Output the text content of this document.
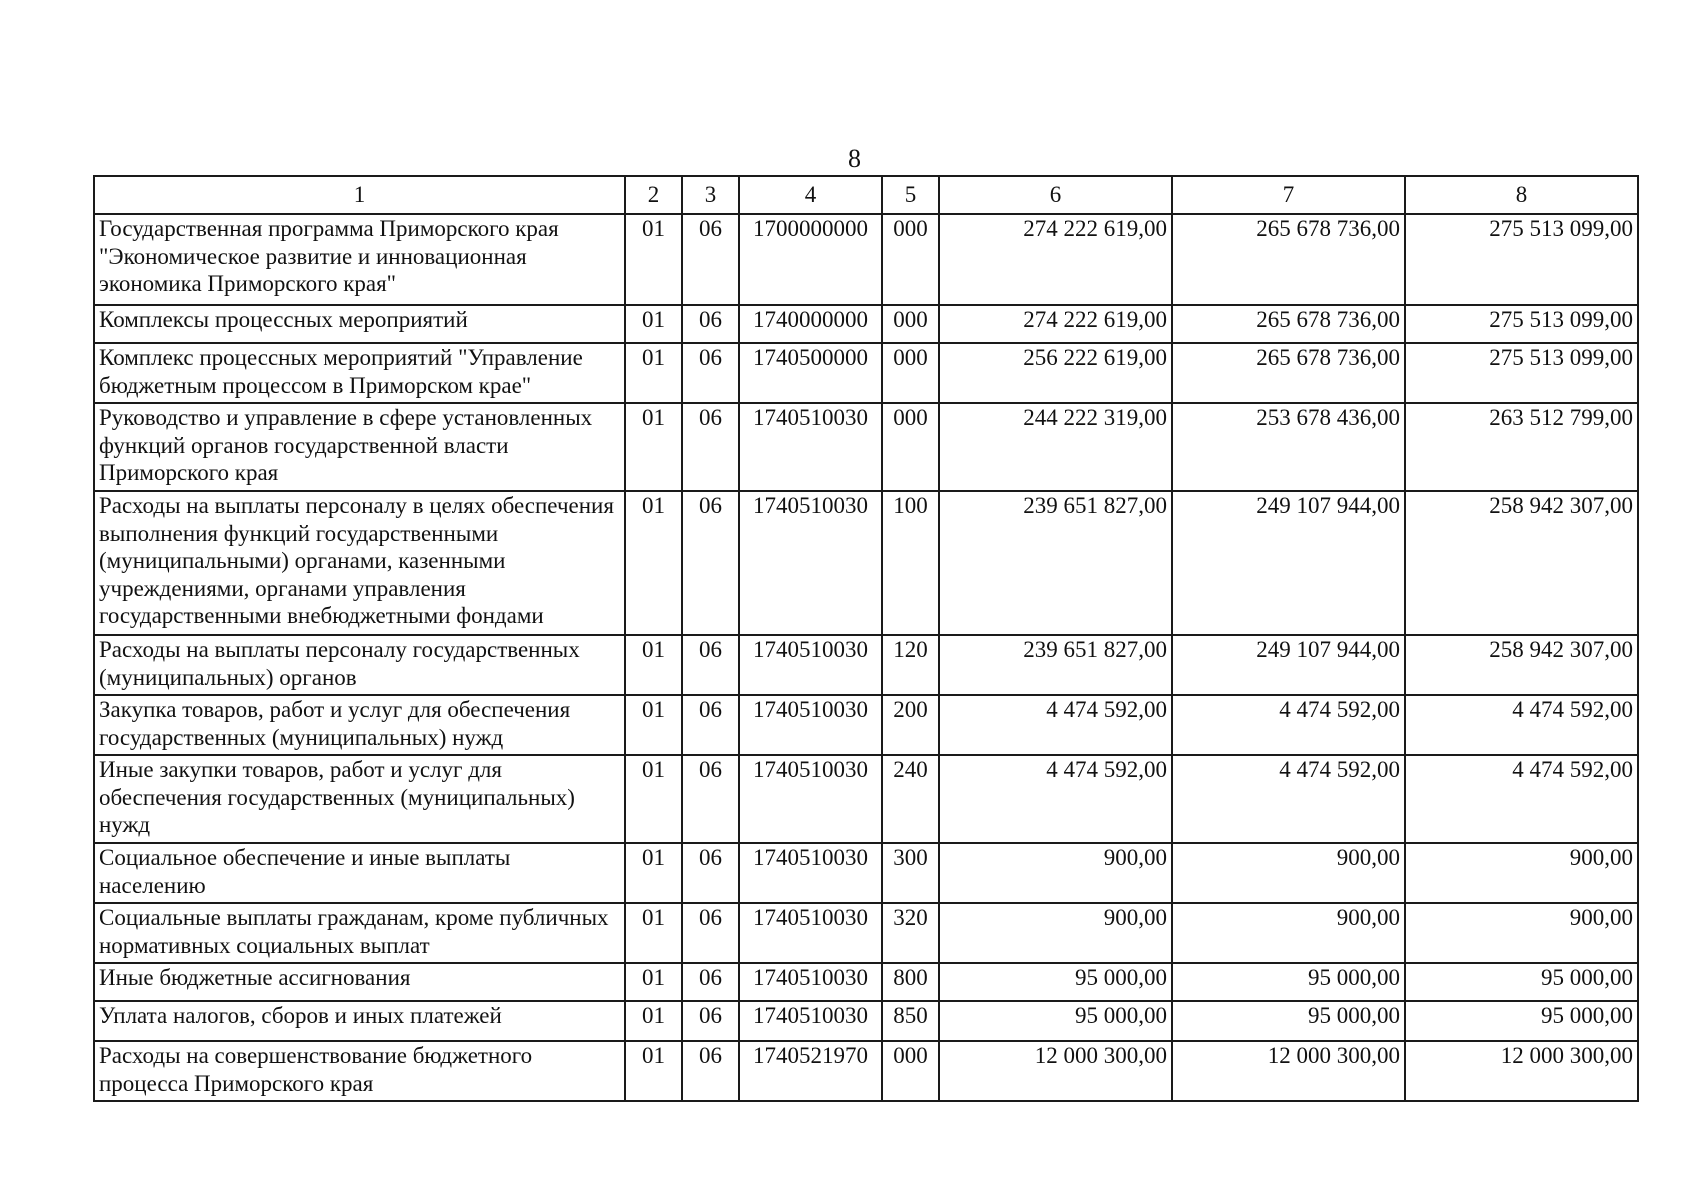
8
1	2	3	4	5	6	7	8
Государственная программа Приморского края "Экономическое развитие и инновационная экономика Приморского края"	01	06	1700000000	000	274 222 619,00	265 678 736,00	275 513 099,00
Комплексы процессных мероприятий	01	06	1740000000	000	274 222 619,00	265 678 736,00	275 513 099,00
Комплекс процессных мероприятий "Управление бюджетным процессом в Приморском крае"	01	06	1740500000	000	256 222 619,00	265 678 736,00	275 513 099,00
Руководство и управление в сфере установленных функций органов государственной власти Приморского края	01	06	1740510030	000	244 222 319,00	253 678 436,00	263 512 799,00
Расходы на выплаты персоналу в целях обеспечения выполнения функций государственными (муниципальными) органами, казенными учреждениями, органами управления государственными внебюджетными фондами	01	06	1740510030	100	239 651 827,00	249 107 944,00	258 942 307,00
Расходы на выплаты персоналу государственных (муниципальных) органов	01	06	1740510030	120	239 651 827,00	249 107 944,00	258 942 307,00
Закупка товаров, работ и услуг для обеспечения государственных (муниципальных) нужд	01	06	1740510030	200	4 474 592,00	4 474 592,00	4 474 592,00
Иные закупки товаров, работ и услуг для обеспечения государственных (муниципальных) нужд	01	06	1740510030	240	4 474 592,00	4 474 592,00	4 474 592,00
Социальное обеспечение и иные выплаты населению	01	06	1740510030	300	900,00	900,00	900,00
Социальные выплаты гражданам, кроме публичных нормативных социальных выплат	01	06	1740510030	320	900,00	900,00	900,00
Иные бюджетные ассигнования	01	06	1740510030	800	95 000,00	95 000,00	95 000,00
Уплата налогов, сборов и иных платежей	01	06	1740510030	850	95 000,00	95 000,00	95 000,00
Расходы на совершенствование бюджетного процесса Приморского края	01	06	1740521970	000	12 000 300,00	12 000 300,00	12 000 300,00
